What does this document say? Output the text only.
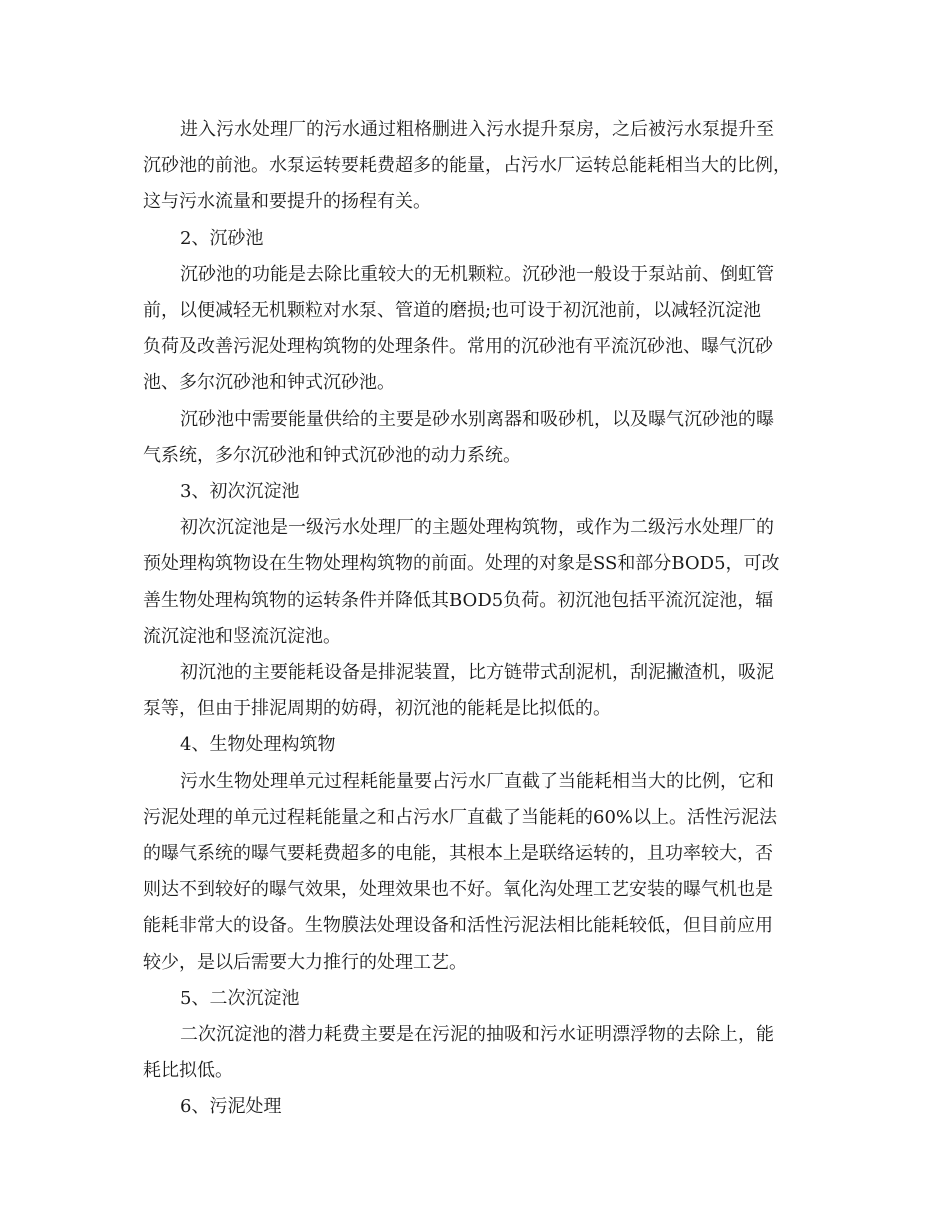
进入污水处理厂的污水通过粗格删进入污水提升泵房，之后被污水泵提升至
沉砂池的前池。水泵运转要耗费超多的能量，占污水厂运转总能耗相当大的比例，
这与污水流量和要提升的扬程有关。

2、沉砂池

沉砂池的功能是去除比重较大的无机颗粒。沉砂池一般设于泵站前、倒虹管
前，以便减轻无机颗粒对水泵、管道的磨损;也可设于初沉池前，以减轻沉淀池
负荷及改善污泥处理构筑物的处理条件。常用的沉砂池有平流沉砂池、曝气沉砂
池、多尔沉砂池和钟式沉砂池。

沉砂池中需要能量供给的主要是砂水别离器和吸砂机，以及曝气沉砂池的曝
气系统，多尔沉砂池和钟式沉砂池的动力系统。

3、初次沉淀池

初次沉淀池是一级污水处理厂的主题处理构筑物，或作为二级污水处理厂的
预处理构筑物设在生物处理构筑物的前面。处理的对象是SS和部分BOD5，可改
善生物处理构筑物的运转条件并降低其BOD5负荷。初沉池包括平流沉淀池，辐
流沉淀池和竖流沉淀池。

初沉池的主要能耗设备是排泥装置，比方链带式刮泥机，刮泥撇渣机，吸泥
泵等，但由于排泥周期的妨碍，初沉池的能耗是比拟低的。

4、生物处理构筑物

污水生物处理单元过程耗能量要占污水厂直截了当能耗相当大的比例，它和
污泥处理的单元过程耗能量之和占污水厂直截了当能耗的60%以上。活性污泥法
的曝气系统的曝气要耗费超多的电能，其根本上是联络运转的，且功率较大，否
则达不到较好的曝气效果，处理效果也不好。氧化沟处理工艺安装的曝气机也是
能耗非常大的设备。生物膜法处理设备和活性污泥法相比能耗较低，但目前应用
较少，是以后需要大力推行的处理工艺。

5、二次沉淀池

二次沉淀池的潜力耗费主要是在污泥的抽吸和污水证明漂浮物的去除上，能
耗比拟低。

6、污泥处理
